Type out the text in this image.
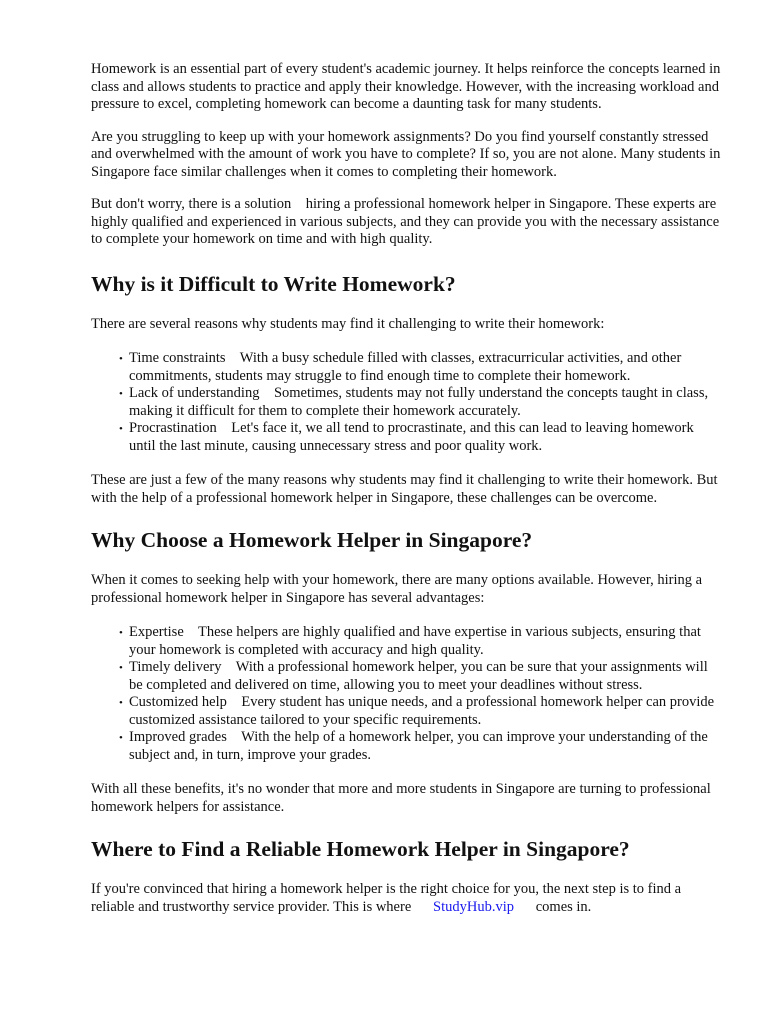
Homework is an essential part of every student's academic journey. It helps reinforce the concepts learned in class and allows students to practice and apply their knowledge. However, with the increasing workload and pressure to excel, completing homework can become a daunting task for many students.

Are you struggling to keep up with your homework assignments? Do you find yourself constantly stressed and overwhelmed with the amount of work you have to complete? If so, you are not alone. Many students in Singapore face similar challenges when it comes to completing their homework.

But don't worry, there is a solution hiring a professional homework helper in Singapore. These experts are highly qualified and experienced in various subjects, and they can provide you with the necessary assistance to complete your homework on time and with high quality.

Why is it Difficult to Write Homework?

There are several reasons why students may find it challenging to write their homework:

• Time constraints With a busy schedule filled with classes, extracurricular activities, and other commitments, students may struggle to find enough time to complete their homework.
• Lack of understanding Sometimes, students may not fully understand the concepts taught in class, making it difficult for them to complete their homework accurately.
• Procrastination Let's face it, we all tend to procrastinate, and this can lead to leaving homework until the last minute, causing unnecessary stress and poor quality work.

These are just a few of the many reasons why students may find it challenging to write their homework. But with the help of a professional homework helper in Singapore, these challenges can be overcome.

Why Choose a Homework Helper in Singapore?

When it comes to seeking help with your homework, there are many options available. However, hiring a professional homework helper in Singapore has several advantages:

• Expertise These helpers are highly qualified and have expertise in various subjects, ensuring that your homework is completed with accuracy and high quality.
• Timely delivery With a professional homework helper, you can be sure that your assignments will be completed and delivered on time, allowing you to meet your deadlines without stress.
• Customized help Every student has unique needs, and a professional homework helper can provide customized assistance tailored to your specific requirements.
• Improved grades With the help of a homework helper, you can improve your understanding of the subject and, in turn, improve your grades.

With all these benefits, it's no wonder that more and more students in Singapore are turning to professional homework helpers for assistance.

Where to Find a Reliable Homework Helper in Singapore?

If you're convinced that hiring a homework helper is the right choice for you, the next step is to find a reliable and trustworthy service provider. This is where StudyHub.vip comes in.
